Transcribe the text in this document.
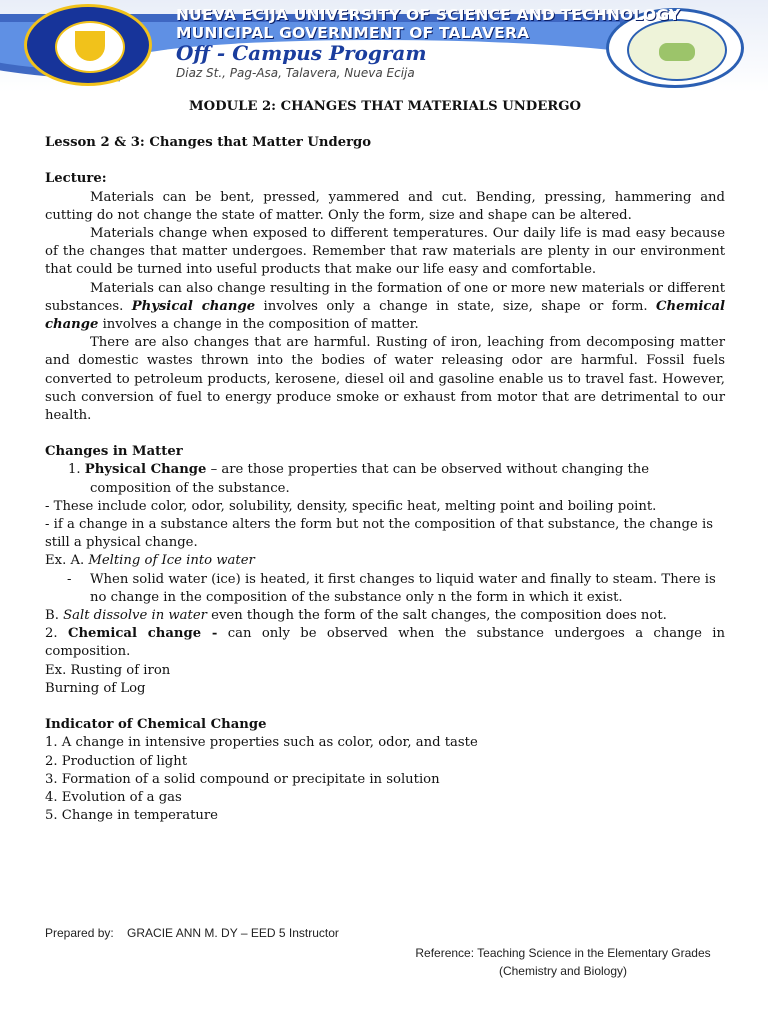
NUEVA ECIJA UNIVERSITY OF SCIENCE AND TECHNOLOGY

MUNICIPAL GOVERNMENT OF TALAVERA

Off - Campus Program

Diaz St., Pag-Asa, Talavera, Nueva Ecija

MODULE 2: CHANGES THAT MATERIALS UNDERGO

Lesson 2 & 3: Changes that Matter Undergo

Lecture:

Materials can be bent, pressed, yammered and cut. Bending, pressing, hammering and cutting do not change the state of matter. Only the form, size and shape can be altered.

Materials change when exposed to different temperatures. Our daily life is mad easy because of the changes that matter undergoes. Remember that raw materials are plenty in our environment that could be turned into useful products that make our life easy and comfortable.

Materials can also change resulting in the formation of one or more new materials or different substances. Physical change involves only a change in state, size, shape or form. Chemical change involves a change in the composition of matter.

There are also changes that are harmful. Rusting of iron, leaching from decomposing matter and domestic wastes thrown into the bodies of water releasing odor are harmful. Fossil fuels converted to petroleum products, kerosene, diesel oil and gasoline enable us to travel fast. However, such conversion of fuel to energy produce smoke or exhaust from motor that are detrimental to our health.

Changes in Matter

1. Physical Change – are those properties that can be observed without changing the composition of the substance.

- These include color, odor, solubility, density, specific heat, melting point and boiling point.

- if a change in a substance alters the form but not the composition of that substance, the change is still a physical change.

Ex. A. Melting of Ice into water

- When solid water (ice) is heated, it first changes to liquid water and finally to steam. There is no change in the composition of the substance only n the form in which it exist.

B. Salt dissolve in water even though the form of the salt changes, the composition does not.

2. Chemical change - can only be observed when the substance undergoes a change in composition.

Ex. Rusting of iron

Burning of Log

Indicator of Chemical Change

1. A change in intensive properties such as color, odor, and taste

2. Production of light

3. Formation of a solid compound or precipitate in solution

4. Evolution of a gas

5. Change in temperature

Prepared by:    GRACIE ANN M. DY – EED 5 Instructor
Reference: Teaching Science in the Elementary Grades
(Chemistry and Biology)
